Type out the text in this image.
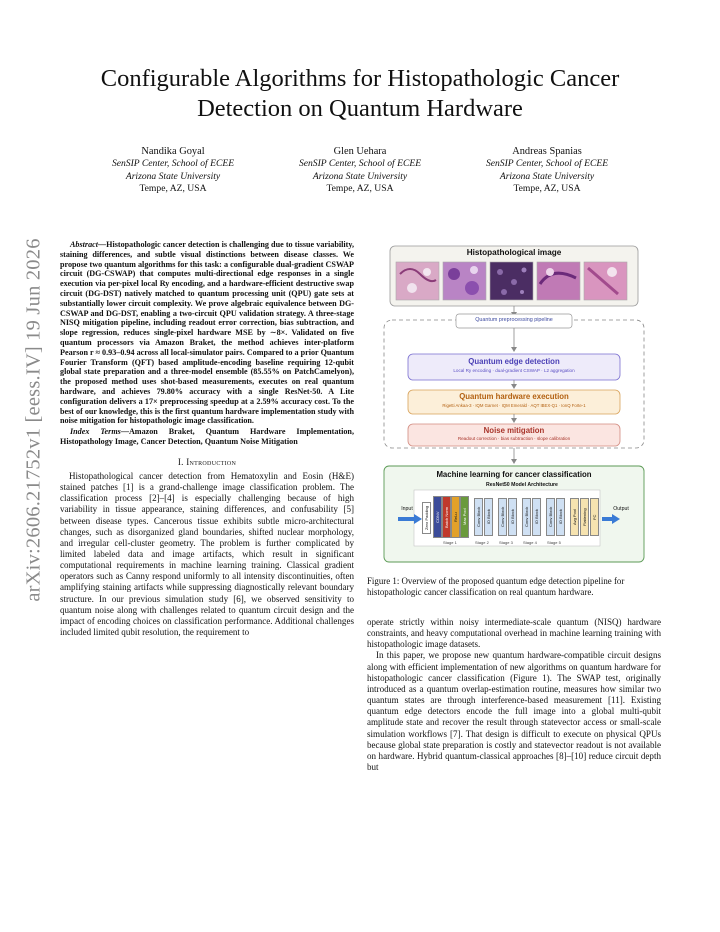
arXiv:2606.21752v1 [eess.IV] 19 Jun 2026
Configurable Algorithms for Histopathologic Cancer
Detection on Quantum Hardware
Nandika Goyal
SenSIP Center, School of ECEE
Arizona State University
Tempe, AZ, USA
Glen Uehara
SenSIP Center, School of ECEE
Arizona State University
Tempe, AZ, USA
Andreas Spanias
SenSIP Center, School of ECEE
Arizona State University
Tempe, AZ, USA
Abstract—Histopathologic cancer detection is challenging due to tissue variability, staining differences, and subtle visual distinctions between disease classes. We propose two quantum algorithms for this task: a configurable dual-gradient CSWAP circuit (DG-CSWAP) that computes multi-directional edge responses in a single execution via per-pixel local Ry encoding, and a hardware-efficient destructive swap circuit (DG-DST) natively matched to quantum processing unit (QPU) gate sets at substantially lower circuit complexity. We prove algebraic equivalence between DG-CSWAP and DG-DST, enabling a two-circuit QPU validation strategy. A three-stage NISQ mitigation pipeline, including readout error correction, bias subtraction, and slope regression, reduces single-pixel hardware MSE by ∼8×. Validated on five quantum processors via Amazon Braket, the method achieves inter-platform Pearson r ≈ 0.93–0.94 across all local-simulator pairs. Compared to a prior Quantum Fourier Transform (QFT) based amplitude-encoding baseline requiring 12-qubit global state preparation and a three-model ensemble (85.55% on PatchCamelyon), the proposed method uses shot-based measurements, executes on real quantum hardware, and achieves 79.80% accuracy with a single ResNet-50. A Lite configuration delivers a 17× preprocessing speedup at a 2.59% accuracy cost. To the best of our knowledge, this is the first quantum hardware implementation study with noise mitigation for histopathologic image classification.
Index Terms—Amazon Braket, Quantum Hardware Implementation, Histopathology Image, Cancer Detection, Quantum Noise Mitigation
I. Introduction

Histopathological cancer detection from Hematoxylin and Eosin (H&E) stained patches [1] is a grand-challenge image classification problem. The classification process [2]–[4] is especially challenging because of high variability in tissue appearance, staining differences, and confusability [5] between disease types. Cancerous tissue exhibits subtle micro-architectural changes, such as disorganized gland boundaries, shifted nuclear morphology, and irregular cell-cluster geometry. The problem is further complicated by limited labeled data and image artifacts, which result in significant computational requirements in machine learning training. Classical gradient operators such as Canny respond uniformly to all intensity discontinuities, often amplifying staining artifacts while suppressing diagnostically relevant boundary structure. In our previous simulation study [6], we observed sensitivity to quantum noise along with challenges related to quantum circuit design and the impact of encoding choices on classification performance. Additional challenges included limited qubit resolution, the requirement to

Histopathological image
Quantum preprocessing pipeline
Quantum edge detection
Local Ry encoding · dual-gradient CSWAP · L2 aggregation
Quantum hardware execution
Rigetti Ankaa-3 · IQM Garnet · IQM Emerald · AQT IBEX-Q1 · IonQ Forte-1
Noise mitigation
Readout correction · bias subtraction · slope calibration
Machine learning for cancer classification
ResNet50 Model Architecture
Input	Output
Zero Padding	CONV	Batch Norm	ReLu	Max Pool	Conv Block	ID Block	Conv Block	ID Block	Conv Block	ID Block	Conv Block	ID Block	Avg Pool	Flattening	FC
Stage 1	Stage 2	Stage 3	Stage 4	Stage 5
Figure 1: Overview of the proposed quantum edge detection pipeline for histopathologic cancer classification on real quantum hardware.

operate strictly within noisy intermediate-scale quantum (NISQ) hardware constraints, and heavy computational overhead in machine learning training with histopathologic image datasets.

In this paper, we propose new quantum hardware-compatible circuit designs along with efficient implementation of new algorithms on quantum hardware for histopathologic cancer classification (Figure 1). The SWAP test, originally introduced as a quantum overlap-estimation routine, measures how similar two quantum states are through interference-based measurement [11]. Existing quantum edge detectors encode the full image into a global multi-qubit amplitude state and recover the result through statevector access or small-scale simulation workflows [7]. That design is difficult to execute on physical QPUs because global state preparation is costly and statevector readout is not available on hardware. Hybrid quantum-classical approaches [8]–[10] reduce circuit depth but
